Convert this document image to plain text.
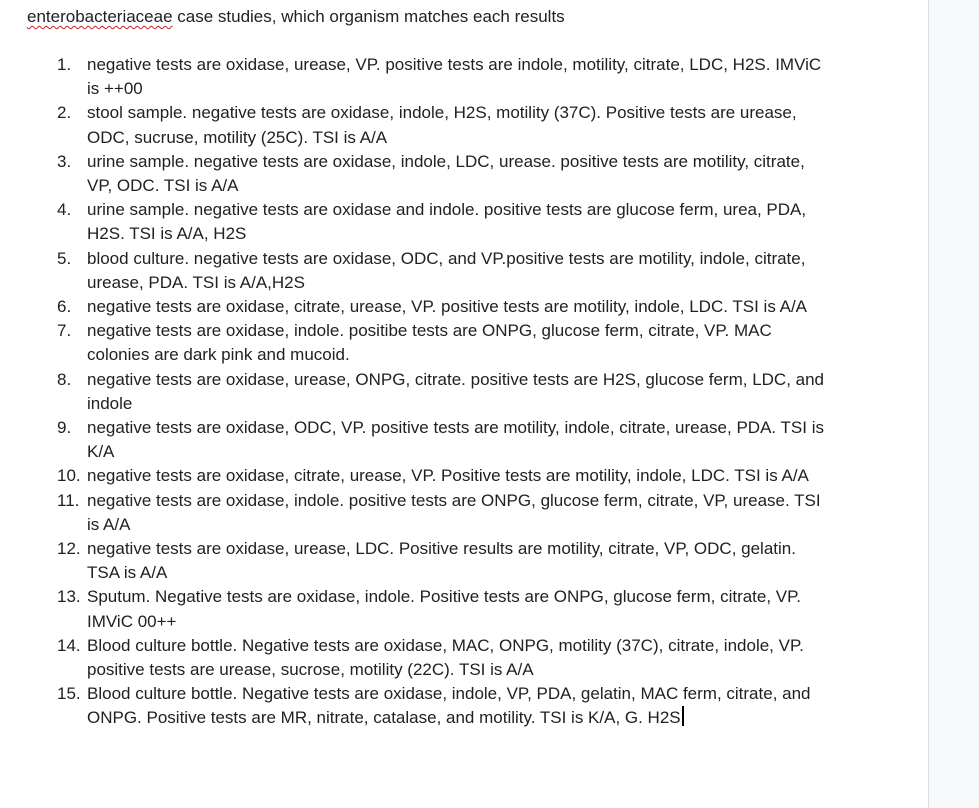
enterobacteriaceae case studies, which organism matches each results
1. negative tests are oxidase, urease, VP. positive tests are indole, motility, citrate, LDC, H2S. IMViC is ++00
2. stool sample. negative tests are oxidase, indole, H2S, motility (37C). Positive tests are urease, ODC, sucruse, motility (25C). TSI is A/A
3. urine sample. negative tests are oxidase, indole, LDC, urease. positive tests are motility, citrate, VP, ODC. TSI is A/A
4. urine sample. negative tests are oxidase and indole. positive tests are glucose ferm, urea, PDA, H2S. TSI is A/A, H2S
5. blood culture. negative tests are oxidase, ODC, and VP.positive tests are motility, indole, citrate, urease, PDA. TSI is A/A,H2S
6. negative tests are oxidase, citrate, urease, VP. positive tests are motility, indole, LDC. TSI is A/A
7. negative tests are oxidase, indole. positibe tests are ONPG, glucose ferm, citrate, VP. MAC colonies are dark pink and mucoid.
8. negative tests are oxidase, urease, ONPG, citrate. positive tests are H2S, glucose ferm, LDC, and indole
9. negative tests are oxidase, ODC, VP. positive tests are motility, indole, citrate, urease, PDA. TSI is K/A
10. negative tests are oxidase, citrate, urease, VP. Positive tests are motility, indole, LDC. TSI is A/A
11. negative tests are oxidase, indole. positive tests are ONPG, glucose ferm, citrate, VP, urease. TSI is A/A
12. negative tests are oxidase, urease, LDC. Positive results are motility, citrate, VP, ODC, gelatin. TSA is A/A
13. Sputum. Negative tests are oxidase, indole. Positive tests are ONPG, glucose ferm, citrate, VP. IMViC 00++
14. Blood culture bottle. Negative tests are oxidase, MAC, ONPG, motility (37C), citrate, indole, VP. positive tests are urease, sucrose, motility (22C). TSI is A/A
15. Blood culture bottle. Negative tests are oxidase, indole, VP, PDA, gelatin, MAC ferm, citrate, and ONPG. Positive tests are MR, nitrate, catalase, and motility. TSI is K/A, G. H2S
